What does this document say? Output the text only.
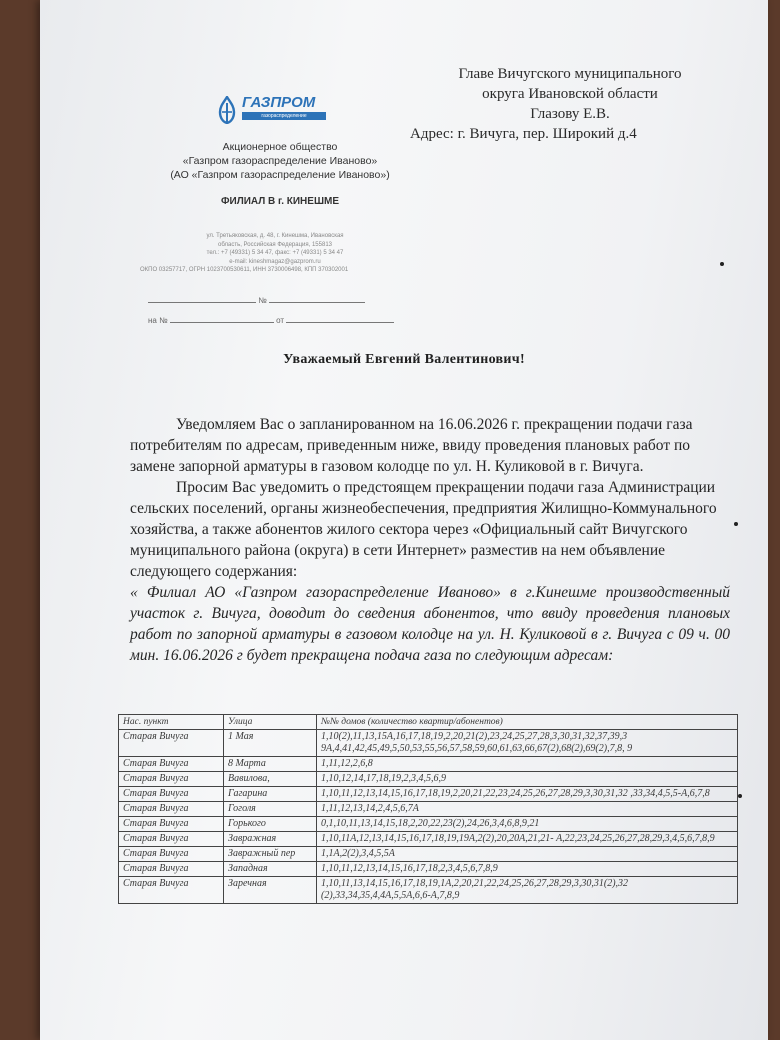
Главе Вичугского муниципального
округа Ивановской области
Глазову Е.В.
Адрес: г. Вичуга, пер. Широкий д.4
ГАЗПРОМ
газораспределение
Акционерное общество
«Газпром газораспределение Иваново»
(АО «Газпром газораспределение Иваново»)
ФИЛИАЛ В г. КИНЕШМЕ
ул. Третьяковская, д. 48, г. Кинешма, Ивановская
область, Российская Федерация, 155813
тел.: +7 (49331) 5 34 47, факс: +7 (49331) 5 34 47
e-mail: kineshmagaz@gazprom.ru
ОКПО 03257717, ОГРН 1023700530611, ИНН 3730006498, КПП 370302001
№
на №	от
Уважаемый Евгений Валентинович!

Уведомляем Вас о запланированном на 16.06.2026 г. прекращении подачи газа потребителям по адресам, приведенным ниже, ввиду проведения плановых работ по замене запорной арматуры в газовом колодце по ул. Н. Куликовой в г. Вичуга.

Просим Вас уведомить о предстоящем прекращении подачи газа Администрации сельских поселений, органы жизнеобеспечения, предприятия Жилищно-Коммунального хозяйства, а также абонентов жилого сектора через «Официальный сайт Вичугского муниципального района (округа) в сети Интернет» разместив на нем объявление следующего содержания:

« Филиал АО «Газпром газораспределение Иваново» в г.Кинешме производственный участок г. Вичуга, доводит до сведения абонентов, что ввиду проведения плановых работ по запорной арматуры в газовом колодце на ул. Н. Куликовой в г. Вичуга с 09 ч. 00 мин. 16.06.2026 г будет прекращена подача газа по следующим адресам:

Нас. пункт	Улица	№№ домов (количество квартир/абонентов)
Старая Вичуга	1 Мая	1,10(2),11,13,15А,16,17,18,19,2,20,21(2),23,24,25,27,28,3,30,31,32,37,39,3 9А,4,41,42,45,49,5,50,53,55,56,57,58,59,60,61,63,66,67(2),68(2),69(2),7,8, 9
Старая Вичуга	8 Марта	1,11,12,2,6,8
Старая Вичуга	Вавилова,	1,10,12,14,17,18,19,2,3,4,5,6,9
Старая Вичуга	Гагарина	1,10,11,12,13,14,15,16,17,18,19,2,20,21,22,23,24,25,26,27,28,29,3,30,31,32 ,33,34,4,5,5-А,6,7,8
Старая Вичуга	Гоголя	1,11,12,13,14,2,4,5,6,7А
Старая Вичуга	Горького	0,1,10,11,13,14,15,18,2,20,22,23(2),24,26,3,4,6,8,9,21
Старая Вичуга	Завражная	1,10,11А,12,13,14,15,16,17,18,19,19А,2(2),20,20А,21,21- А,22,23,24,25,26,27,28,29,3,4,5,6,7,8,9
Старая Вичуга	Завражный пер	1,1А,2(2),3,4,5,5А
Старая Вичуга	Западная	1,10,11,12,13,14,15,16,17,18,2,3,4,5,6,7,8,9
Старая Вичуга	Заречная	1,10,11,13,14,15,16,17,18,19,1А,2,20,21,22,24,25,26,27,28,29,3,30,31(2),32 (2),33,34,35,4,4А,5,5А,6,6-А,7,8,9
